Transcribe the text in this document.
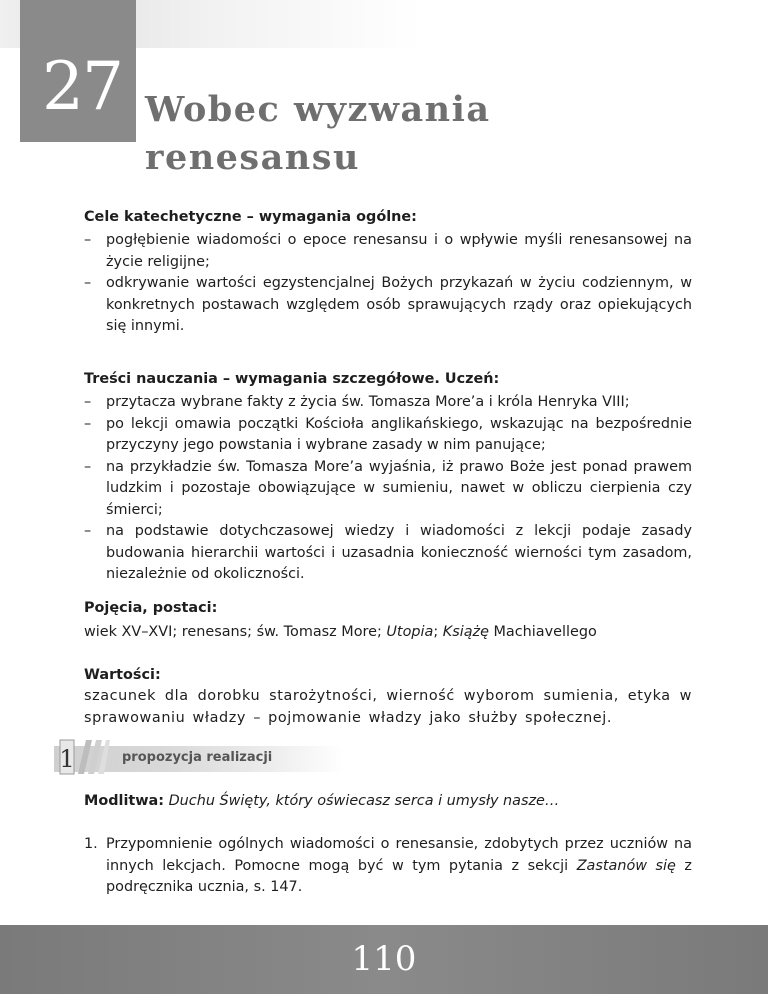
27 Wobec wyzwania
renesansu
Cele katechetyczne – wymagania ogólne:
– pogłębienie wiadomości o epoce renesansu i o wpływie myśli renesansowej na życie religijne;
– odkrywanie wartości egzystencjalnej Bożych przykazań w życiu codziennym, w konkretnych postawach względem osób sprawujących rządy oraz opiekujących się innymi.
Treści nauczania – wymagania szczegółowe. Uczeń:
– przytacza wybrane fakty z życia św. Tomasza More’a i króla Henryka VIII;
– po lekcji omawia początki Kościoła anglikańskiego, wskazując na bezpośrednie przyczyny jego powstania i wybrane zasady w nim panujące;
– na przykładzie św. Tomasza More’a wyjaśnia, iż prawo Boże jest ponad prawem ludzkim i pozostaje obowiązujące w sumieniu, nawet w obliczu cierpienia czy śmierci;
– na podstawie dotychczasowej wiedzy i wiadomości z lekcji podaje zasady budowania hierarchii wartości i uzasadnia konieczność wierności tym zasadom, niezależnie od okoliczności.
Pojęcia, postaci:
wiek XV–XVI; renesans; św. Tomasz More; Utopia; Książę Machiavellego
Wartości:
szacunek dla dorobku starożytności, wierność wyborom sumienia, etyka w sprawowaniu władzy – pojmowanie władzy jako służby społecznej.
Modlitwa: Duchu Święty, który oświecasz serca i umysły nasze…
1. Przypomnienie ogólnych wiadomości o renesansie, zdobytych przez uczniów na innych lekcjach. Pomocne mogą być w tym pytania z sekcji Zastanów się z podręcznika ucznia, s. 147.
1	propozycja realizacji
110
